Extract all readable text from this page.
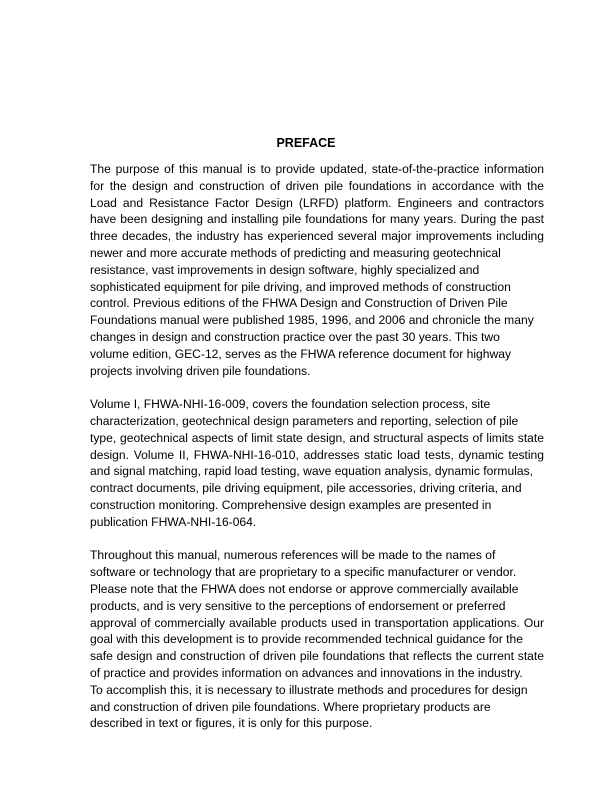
PREFACE

The purpose of this manual is to provide updated, state-of-the-practice information
for the design and construction of driven pile foundations in accordance with the
Load and Resistance Factor Design (LRFD) platform. Engineers and contractors
have been designing and installing pile foundations for many years. During the past
three decades, the industry has experienced several major improvements including
newer and more accurate methods of predicting and measuring geotechnical
resistance, vast improvements in design software, highly specialized and
sophisticated equipment for pile driving, and improved methods of construction
control. Previous editions of the FHWA Design and Construction of Driven Pile
Foundations manual were published 1985, 1996, and 2006 and chronicle the many
changes in design and construction practice over the past 30 years. This two
volume edition, GEC-12, serves as the FHWA reference document for highway
projects involving driven pile foundations.

Volume I, FHWA-NHI-16-009, covers the foundation selection process, site
characterization, geotechnical design parameters and reporting, selection of pile
type, geotechnical aspects of limit state design, and structural aspects of limits state
design. Volume II, FHWA-NHI-16-010, addresses static load tests, dynamic testing
and signal matching, rapid load testing, wave equation analysis, dynamic formulas,
contract documents, pile driving equipment, pile accessories, driving criteria, and
construction monitoring. Comprehensive design examples are presented in
publication FHWA-NHI-16-064.

Throughout this manual, numerous references will be made to the names of
software or technology that are proprietary to a specific manufacturer or vendor.
Please note that the FHWA does not endorse or approve commercially available
products, and is very sensitive to the perceptions of endorsement or preferred
approval of commercially available products used in transportation applications. Our
goal with this development is to provide recommended technical guidance for the
safe design and construction of driven pile foundations that reflects the current state
of practice and provides information on advances and innovations in the industry.
To accomplish this, it is necessary to illustrate methods and procedures for design
and construction of driven pile foundations. Where proprietary products are
described in text or figures, it is only for this purpose.
